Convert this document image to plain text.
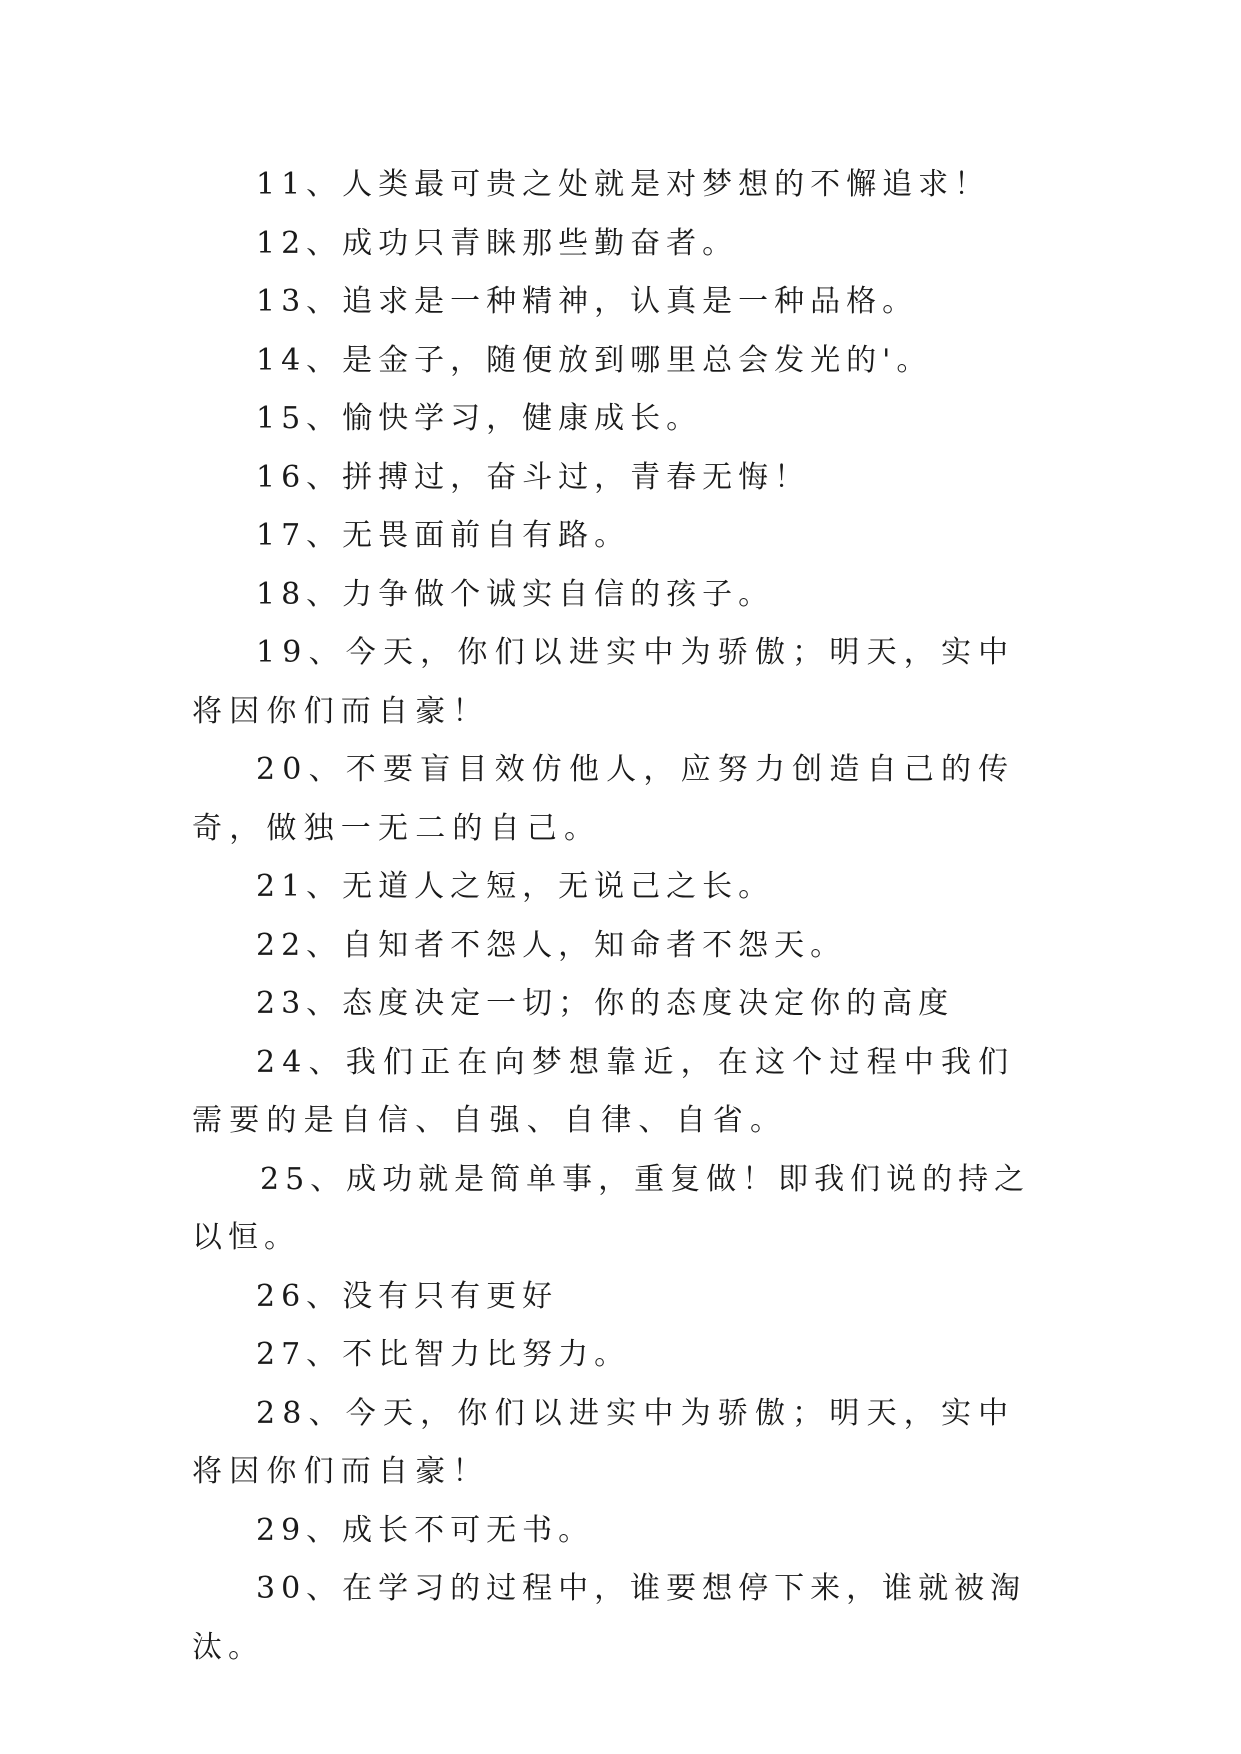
11、人类最可贵之处就是对梦想的不懈追求！

12、成功只青睐那些勤奋者。

13、追求是一种精神，认真是一种品格。

14、是金子，随便放到哪里总会发光的'。

15、愉快学习，健康成长。

16、拼搏过，奋斗过，青春无悔！

17、无畏面前自有路。

18、力争做个诚实自信的孩子。

19、今天，你们以进实中为骄傲；明天，实中将因你们而自豪！

20、不要盲目效仿他人，应努力创造自己的传奇，做独一无二的自己。

21、无道人之短，无说己之长。

22、自知者不怨人，知命者不怨天。

23、态度决定一切；你的态度决定你的高度

24、我们正在向梦想靠近，在这个过程中我们需要的是自信、自强、自律、自省。

25、成功就是简单事，重复做！即我们说的持之以恒。

26、没有只有更好

27、不比智力比努力。

28、今天，你们以进实中为骄傲；明天，实中将因你们而自豪！

29、成长不可无书。

30、在学习的过程中，谁要想停下来，谁就被淘汰。
